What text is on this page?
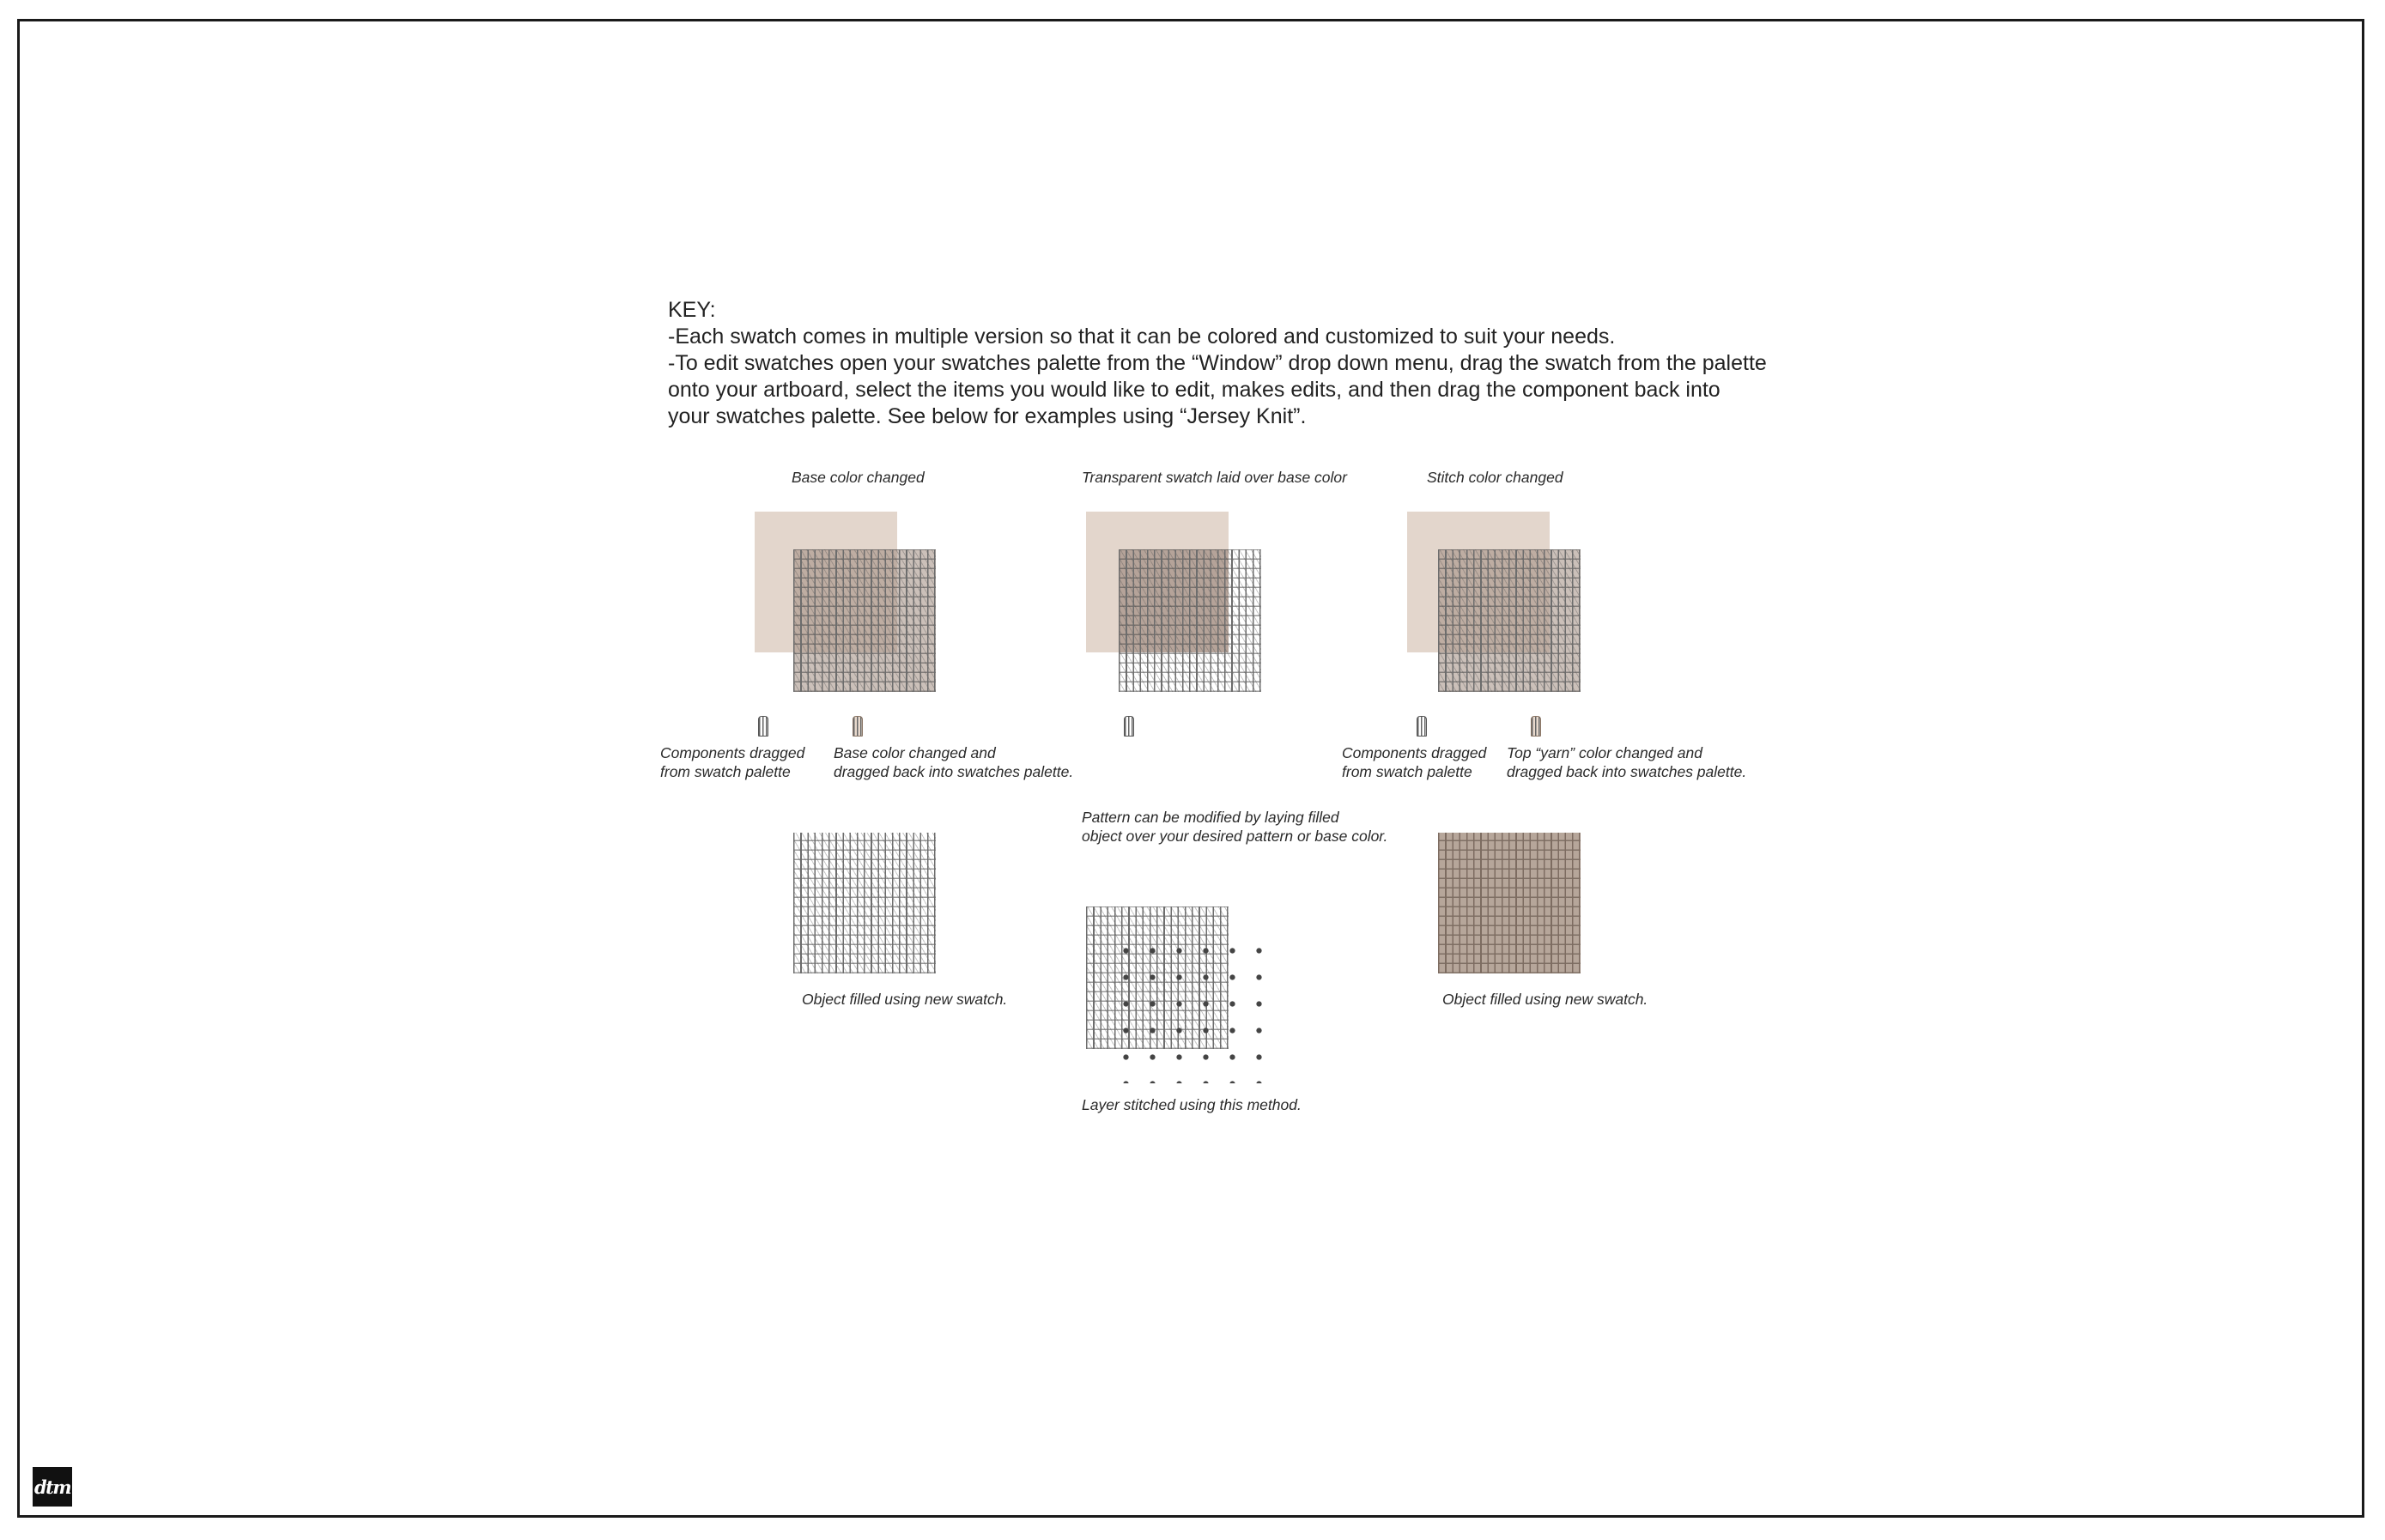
KEY:

-Each swatch comes in multiple version so that it can be colored and customized to suit your needs.

-To edit swatches open your swatches palette from the “Window” drop down menu, drag the swatch from the palette onto your artboard, select the items you would like to edit, makes edits, and then drag the component back into your swatches palette. See below for examples using “Jersey Knit”.

Base color changed	Transparent swatch laid over base color	Stitch color changed
Components dragged
from swatch palette
Base color changed and
dragged back into swatches palette.
Components dragged
from swatch palette
Top “yarn” color changed and
dragged back into swatches palette.
Pattern can be modified by laying filled
object over your desired pattern or base color.
Object filled using new swatch.	Object filled using new swatch.
Layer stitched using this method.
dtm
